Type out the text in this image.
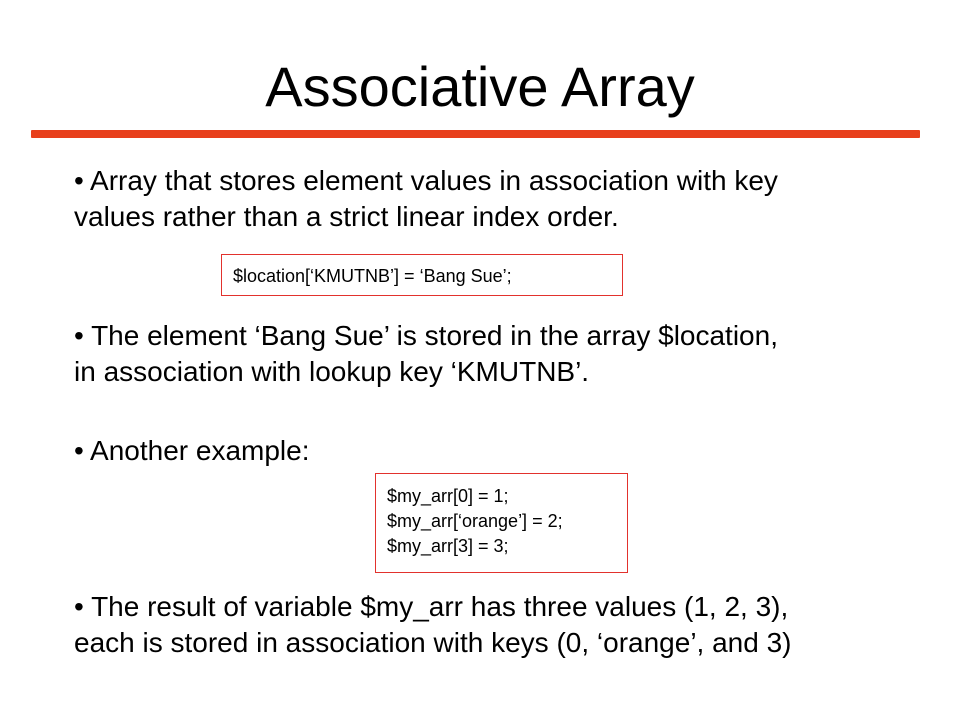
Associative Array

• Array that stores element values in association with key
values rather than a strict linear index order.

$location[‘KMUTNB’] = ‘Bang Sue’;

• The element ‘Bang Sue’ is stored in the array $location,
in association with lookup key ‘KMUTNB’.

• Another example:

$my_arr[0] = 1;
$my_arr[‘orange’] = 2;
$my_arr[3] = 3;

• The result of variable $my_arr has three values (1, 2, 3),
each is stored in association with keys (0, ‘orange’, and 3)
